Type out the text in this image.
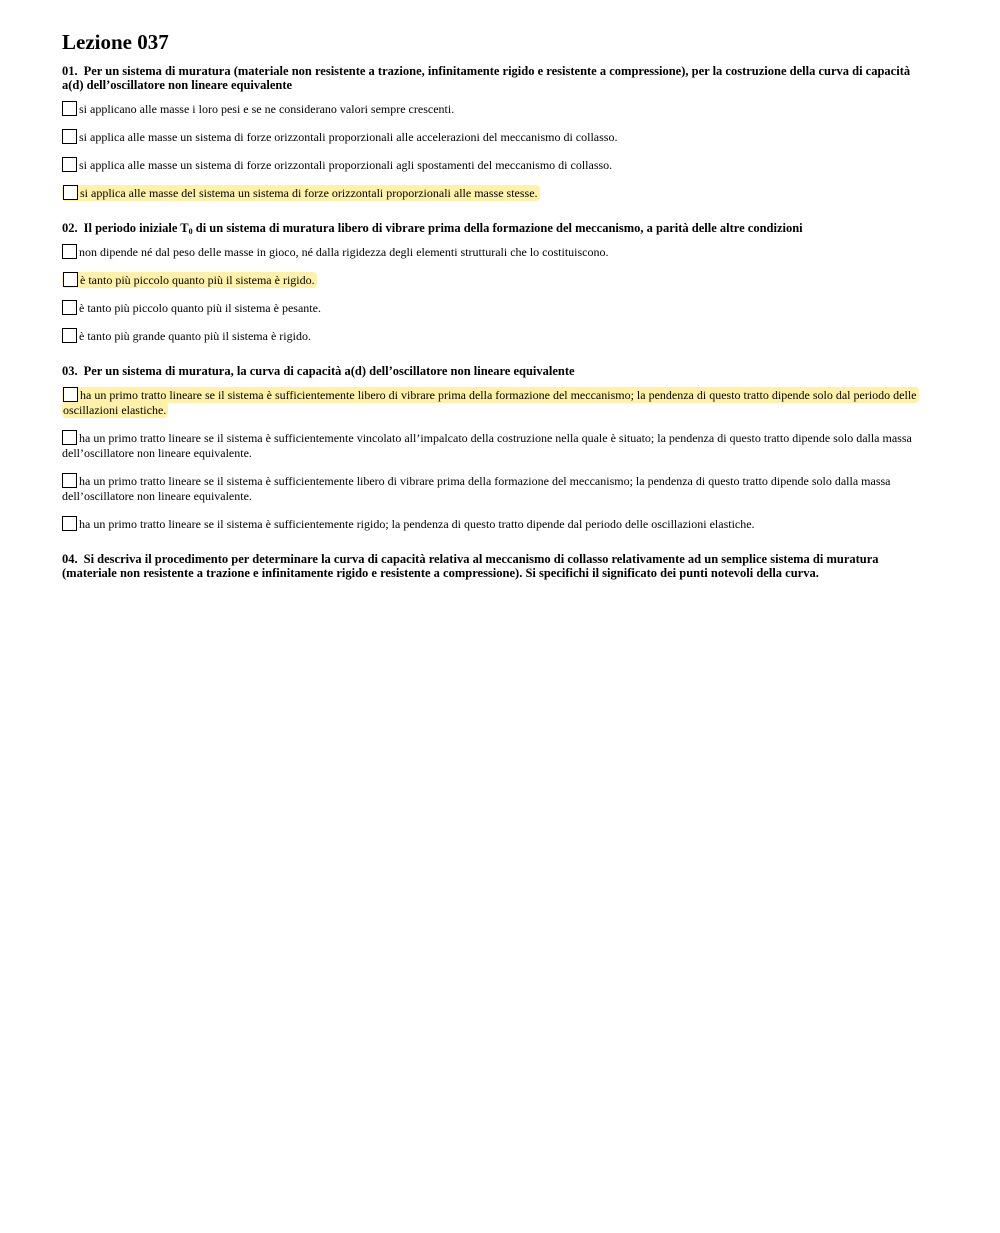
Lezione 037

01. Per un sistema di muratura (materiale non resistente a trazione, infinitamente rigido e resistente a compressione), per la costruzione della curva di capacità a(d) dell’oscillatore non lineare equivalente

si applicano alle masse i loro pesi e se ne considerano valori sempre crescenti.

si applica alle masse un sistema di forze orizzontali proporzionali alle accelerazioni del meccanismo di collasso.

si applica alle masse un sistema di forze orizzontali proporzionali agli spostamenti del meccanismo di collasso.

si applica alle masse del sistema un sistema di forze orizzontali proporzionali alle masse stesse.

02. Il periodo iniziale $T_0$ di un sistema di muratura libero di vibrare prima della formazione del meccanismo, a parità delle altre condizioni

non dipende né dal peso delle masse in gioco, né dalla rigidezza degli elementi strutturali che lo costituiscono.

è tanto più piccolo quanto più il sistema è rigido.

è tanto più piccolo quanto più il sistema è pesante.

è tanto più grande quanto più il sistema è rigido.

03. Per un sistema di muratura, la curva di capacità a(d) dell’oscillatore non lineare equivalente

ha un primo tratto lineare se il sistema è sufficientemente libero di vibrare prima della formazione del meccanismo; la pendenza di questo tratto dipende solo dal periodo delle oscillazioni elastiche.

ha un primo tratto lineare se il sistema è sufficientemente vincolato all’impalcato della costruzione nella quale è situato; la pendenza di questo tratto dipende solo dalla massa dell’oscillatore non lineare equivalente.

ha un primo tratto lineare se il sistema è sufficientemente libero di vibrare prima della formazione del meccanismo; la pendenza di questo tratto dipende solo dalla massa dell’oscillatore non lineare equivalente.

ha un primo tratto lineare se il sistema è sufficientemente rigido; la pendenza di questo tratto dipende dal periodo delle oscillazioni elastiche.

04. Si descriva il procedimento per determinare la curva di capacità relativa al meccanismo di collasso relativamente ad un semplice sistema di muratura (materiale non resistente a trazione e infinitamente rigido e resistente a compressione). Si specifichi il significato dei punti notevoli della curva.
